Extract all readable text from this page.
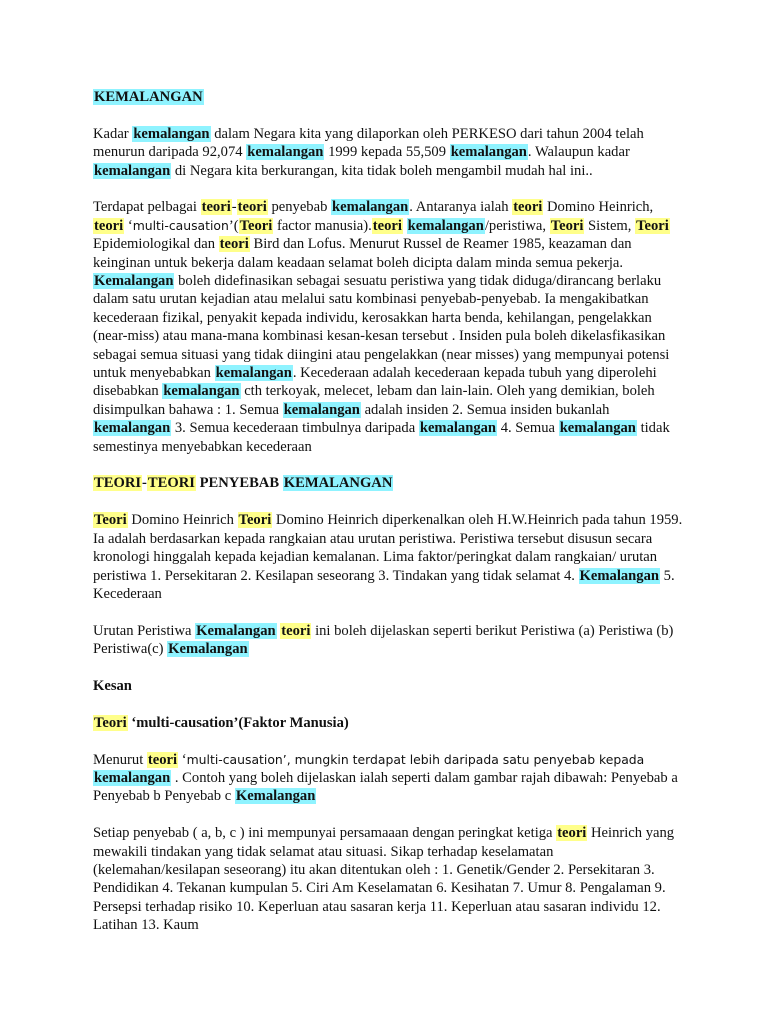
KEMALANGAN

Kadar kemalangan dalam Negara kita yang dilaporkan oleh PERKESO dari tahun 2004 telah menurun daripada 92,074 kemalangan 1999 kepada 55,509 kemalangan. Walaupun kadar kemalangan di Negara kita berkurangan, kita tidak boleh mengambil mudah hal ini..

Terdapat pelbagai teori-teori penyebab kemalangan. Antaranya ialah teori Domino Heinrich, teori ‘multi-causation’(Teori factor manusia).teori kemalangan/peristiwa, Teori Sistem, Teori Epidemiologikal dan teori Bird dan Lofus. Menurut Russel de Reamer 1985, keazaman dan keinginan untuk bekerja dalam keadaan selamat boleh dicipta dalam minda semua pekerja. Kemalangan boleh didefinasikan sebagai sesuatu peristiwa yang tidak diduga/dirancang berlaku dalam satu urutan kejadian atau melalui satu kombinasi penyebab-penyebab. Ia mengakibatkan kecederaan fizikal, penyakit kepada individu, kerosakkan harta benda, kehilangan, pengelakkan (near-miss) atau mana-mana kombinasi kesan-kesan tersebut . Insiden pula boleh dikelasfikasikan sebagai semua situasi yang tidak diingini atau pengelakkan (near misses) yang mempunyai potensi untuk menyebabkan kemalangan. Kecederaan adalah kecederaan kepada tubuh yang diperolehi disebabkan kemalangan cth terkoyak, melecet, lebam dan lain-lain. Oleh yang demikian, boleh disimpulkan bahawa : 1. Semua kemalangan adalah insiden 2. Semua insiden bukanlah kemalangan 3. Semua kecederaan timbulnya daripada kemalangan 4. Semua kemalangan tidak semestinya menyebabkan kecederaan

TEORI-TEORI PENYEBAB KEMALANGAN

Teori Domino Heinrich Teori Domino Heinrich diperkenalkan oleh H.W.Heinrich pada tahun 1959. Ia adalah berdasarkan kepada rangkaian atau urutan peristiwa. Peristiwa tersebut disusun secara kronologi hinggalah kepada kejadian kemalanan. Lima faktor/peringkat dalam rangkaian/ urutan peristiwa 1. Persekitaran 2. Kesilapan seseorang 3. Tindakan yang tidak selamat 4. Kemalangan 5. Kecederaan

Urutan Peristiwa Kemalangan teori ini boleh dijelaskan seperti berikut Peristiwa (a) Peristiwa (b) Peristiwa(c) Kemalangan

Kesan

Teori ‘multi-causation’(Faktor Manusia)

Menurut teori ‘multi-causation’, mungkin terdapat lebih daripada satu penyebab kepada kemalangan . Contoh yang boleh dijelaskan ialah seperti dalam gambar rajah dibawah: Penyebab a Penyebab b Penyebab c Kemalangan

Setiap penyebab ( a, b, c ) ini mempunyai persamaaan dengan peringkat ketiga teori Heinrich yang mewakili tindakan yang tidak selamat atau situasi. Sikap terhadap keselamatan (kelemahan/kesilapan seseorang) itu akan ditentukan oleh : 1. Genetik/Gender 2. Persekitaran 3. Pendidikan 4. Tekanan kumpulan 5. Ciri Am Keselamatan 6. Kesihatan 7. Umur 8. Pengalaman 9. Persepsi terhadap risiko 10. Keperluan atau sasaran kerja 11. Keperluan atau sasaran individu 12. Latihan 13. Kaum
